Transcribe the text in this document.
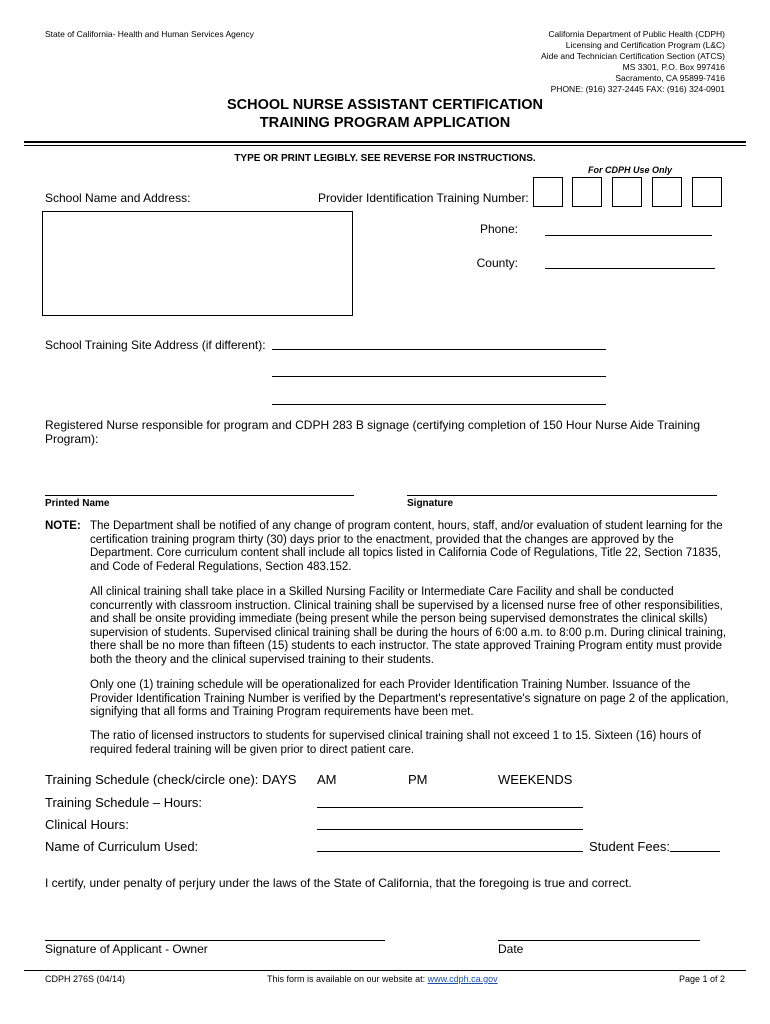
State of California- Health and Human Services Agency	California Department of Public Health (CDPH)
Licensing and Certification Program (L&C)
Aide and Technician Certification Section (ATCS)
MS 3301, P.O. Box 997416
Sacramento, CA 95899-7416
PHONE: (916) 327-2445 FAX: (916) 324-0901
SCHOOL NURSE ASSISTANT CERTIFICATION
TRAINING PROGRAM APPLICATION
TYPE OR PRINT LEGIBLY. SEE REVERSE FOR INSTRUCTIONS.
For CDPH Use Only
School Name and Address:	Provider Identification Training Number:
Phone:
County:
School Training Site Address (if different):
Registered Nurse responsible for program and CDPH 283 B signage (certifying completion of 150 Hour Nurse Aide Training
Program):
Printed Name	Signature
NOTE: The Department shall be notified of any change of program content, hours, staff, and/or evaluation of student learning for the
certification training program thirty (30) days prior to the enactment, provided that the changes are approved by the
Department. Core curriculum content shall include all topics listed in California Code of Regulations, Title 22, Section 71835,
and Code of Federal Regulations, Section 483.152.
All clinical training shall take place in a Skilled Nursing Facility or Intermediate Care Facility and shall be conducted
concurrently with classroom instruction. Clinical training shall be supervised by a licensed nurse free of other responsibilities,
and shall be onsite providing immediate (being present while the person being supervised demonstrates the clinical skills)
supervision of students. Supervised clinical training shall be during the hours of 6:00 a.m. to 8:00 p.m. During clinical training,
there shall be no more than fifteen (15) students to each instructor. The state approved Training Program entity must provide
both the theory and the clinical supervised training to their students.
Only one (1) training schedule will be operationalized for each Provider Identification Training Number. Issuance of the
Provider Identification Training Number is verified by the Department's representative's signature on page 2 of the application,
signifying that all forms and Training Program requirements have been met.
The ratio of licensed instructors to students for supervised clinical training shall not exceed 1 to 15. Sixteen (16) hours of
required federal training will be given prior to direct patient care.
Training Schedule (check/circle one): DAYS AM	PM	WEEKENDS
Training Schedule – Hours:
Clinical Hours:
Name of Curriculum Used:	Student Fees:
I certify, under penalty of perjury under the laws of the State of California, that the foregoing is true and correct.
Signature of Applicant - Owner	Date
CDPH 276S (04/14)	This form is available on our website at: www.cdph.ca.gov	Page 1 of 2
